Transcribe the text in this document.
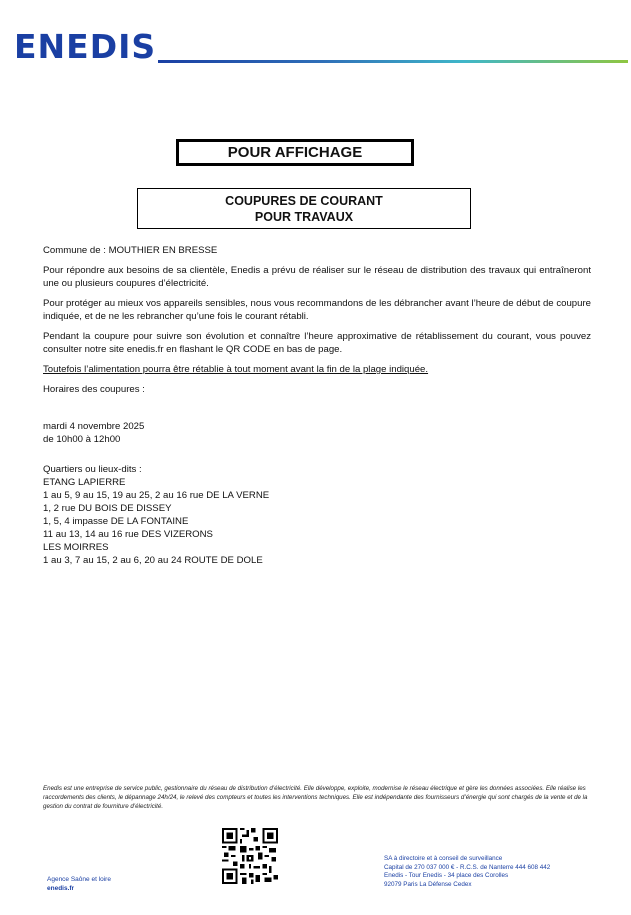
ENEDIS
POUR AFFICHAGE
COUPURES DE COURANT
POUR TRAVAUX

Commune de : MOUTHIER EN BRESSE

Pour répondre aux besoins de sa clientèle, Enedis a prévu de réaliser sur le réseau de distribution des travaux qui entraîneront une ou plusieurs coupures d’électricité.

Pour protéger au mieux vos appareils sensibles, nous vous recommandons de les débrancher avant l’heure de début de coupure indiquée, et de ne les rebrancher qu’une fois le courant rétabli.

Pendant la coupure pour suivre son évolution et connaître l’heure approximative de rétablissement du courant, vous pouvez consulter notre site enedis.fr en flashant le QR CODE en bas de page.

Toutefois l’alimentation pourra être rétablie à tout moment avant la fin de la plage indiquée.

Horaires des coupures :

mardi 4 novembre 2025

de 10h00 à 12h00

Quartiers ou lieux-dits :

ETANG LAPIERRE

1 au 5, 9 au 15, 19 au 25, 2 au 16 rue DE LA VERNE

1, 2 rue DU BOIS DE DISSEY

1, 5, 4 impasse DE LA FONTAINE

11 au 13, 14 au 16 rue DES VIZERONS

LES MOIRRES

1 au 3, 7 au 15, 2 au 6, 20 au 24 ROUTE DE DOLE

Enedis est une entreprise de service public, gestionnaire du réseau de distribution d’électricité. Elle développe, exploite, modernise le réseau électrique et gère les données associées. Elle réalise les raccordements des clients, le dépannage 24h/24, le relevé des compteurs et toutes les interventions techniques. Elle est indépendante des fournisseurs d’énergie qui sont chargés de la vente et de la gestion du contrat de fourniture d’électricité.
Agence Saône et loire
enedis.fr
SA à directoire et à conseil de surveillance
Capital de 270 037 000 € - R.C.S. de Nanterre 444 608 442
Enedis - Tour Enedis - 34 place des Corolles
92079 Paris La Défense Cedex
